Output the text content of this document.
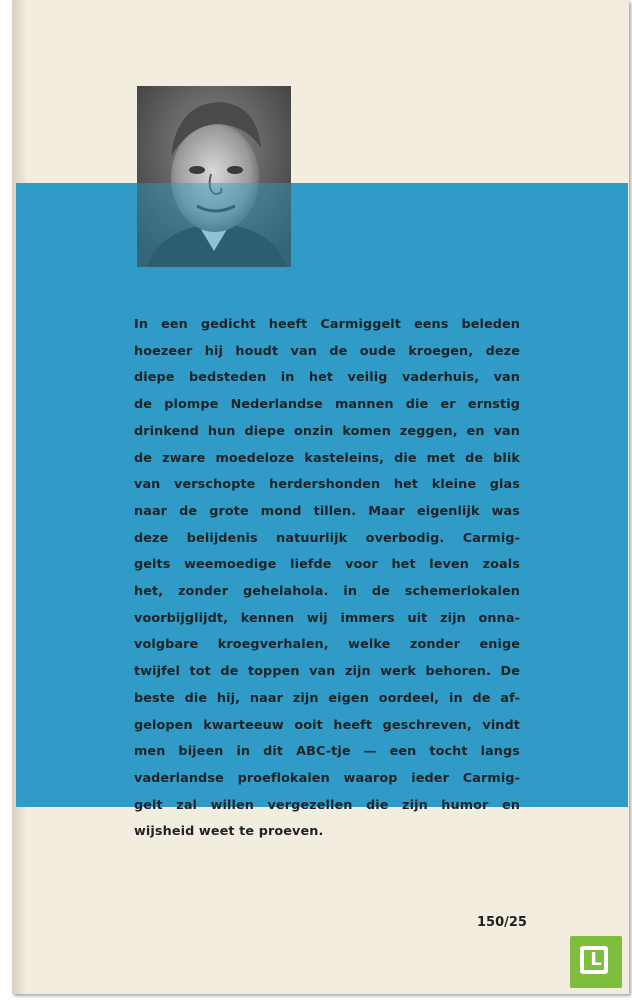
In een gedicht heeft Carmiggelt eens beleden
hoezeer hij houdt van de oude kroegen, deze
diepe bedsteden in het veilig vaderhuis, van
de plompe Nederlandse mannen die er ernstig
drinkend hun diepe onzin komen zeggen, en van
de zware moedeloze kasteleins, die met de blik
van verschopte herdershonden het kleine glas
naar de grote mond tillen. Maar eigenlijk was
deze belijdenis natuurlijk overbodig. Carmig-
gelts weemoedige liefde voor het leven zoals
het, zonder gehelahola. in de schemerlokalen
voorbijglijdt, kennen wij immers uit zijn onna-
volgbare kroegverhalen, welke zonder enige
twijfel tot de toppen van zijn werk behoren. De
beste die hij, naar zijn eigen oordeel, in de af-
gelopen kwarteeuw ooit heeft geschreven, vindt
men bijeen in dit ABC-tje — een tocht langs
vaderlandse proeflokalen waarop ieder Carmig-
gelt zal willen vergezellen die zijn humor en
wijsheid weet te proeven.

150/25
L
